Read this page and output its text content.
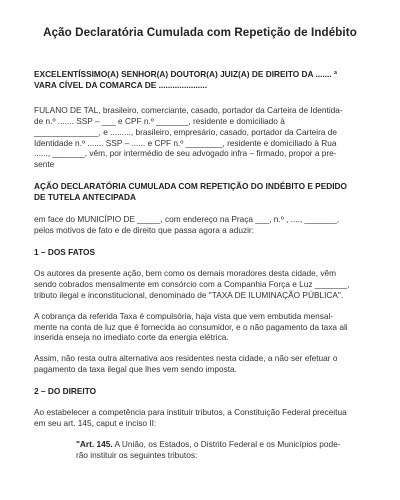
Ação Declaratória Cumulada com Repetição de Indébito
EXCELENTÍSSIMO(A) SENHOR(A) DOUTOR(A) JUIZ(A) DE DIREITO DA ....... ª
VARA CÍVEL DA COMARCA DE .....................
FULANO DE TAL, brasileiro, comerciante, casado, portador da Carteira de Identida-
de n.º ....... SSP – ___ e CPF n.º _______, residente e domiciliado à
______________, e ........., brasileiro, empresário, casado, portador da Carteira de
Identidade n.º ....... SSP – ...... e CPF n.º ________, residente e domiciliado à Rua
......, _______, vêm, por intermédio de seu advogado infra – firmado, propor a pre-
sente
AÇÃO DECLARATÓRIA CUMULADA COM REPETIÇÃO DO INDÉBITO E PEDIDO
DE TUTELA ANTECIPADA
em face do MUNICÍPIO DE _____, com endereço na Praça ___, n.º , ...., _______,
pelos motivos de fato e de direito que passa agora a aduzir:
1 – DOS FATOS
Os autores da presente ação, bem como os demais moradores desta cidade, vêm
sendo cobrados mensalmente em consórcio com a Companhia Força e Luz _______,
tributo ilegal e inconstitucional, denominado de "TAXA DE ILUMINAÇÃO PÚBLICA".
A cobrança da referida Taxa é compulsória, haja vista que vem embutida mensal-
mente na conta de luz que é fornecida ao consumidor, e o não pagamento da taxa ali
inserida enseja no imediato corte da energia elétrica.
Assim, não resta outra alternativa aos residentes nesta cidade, a não ser efetuar o
pagamento da taxa ilegal que lhes vem sendo imposta.
2 – DO DIREITO
Ao estabelecer a competência para instituir tributos, a Constituição Federal preceitua
em seu art. 145, caput e inciso II:
"Art. 145. A União, os Estados, o Distrito Federal e os Municípios pode-
rão instituir os seguintes tributos:
